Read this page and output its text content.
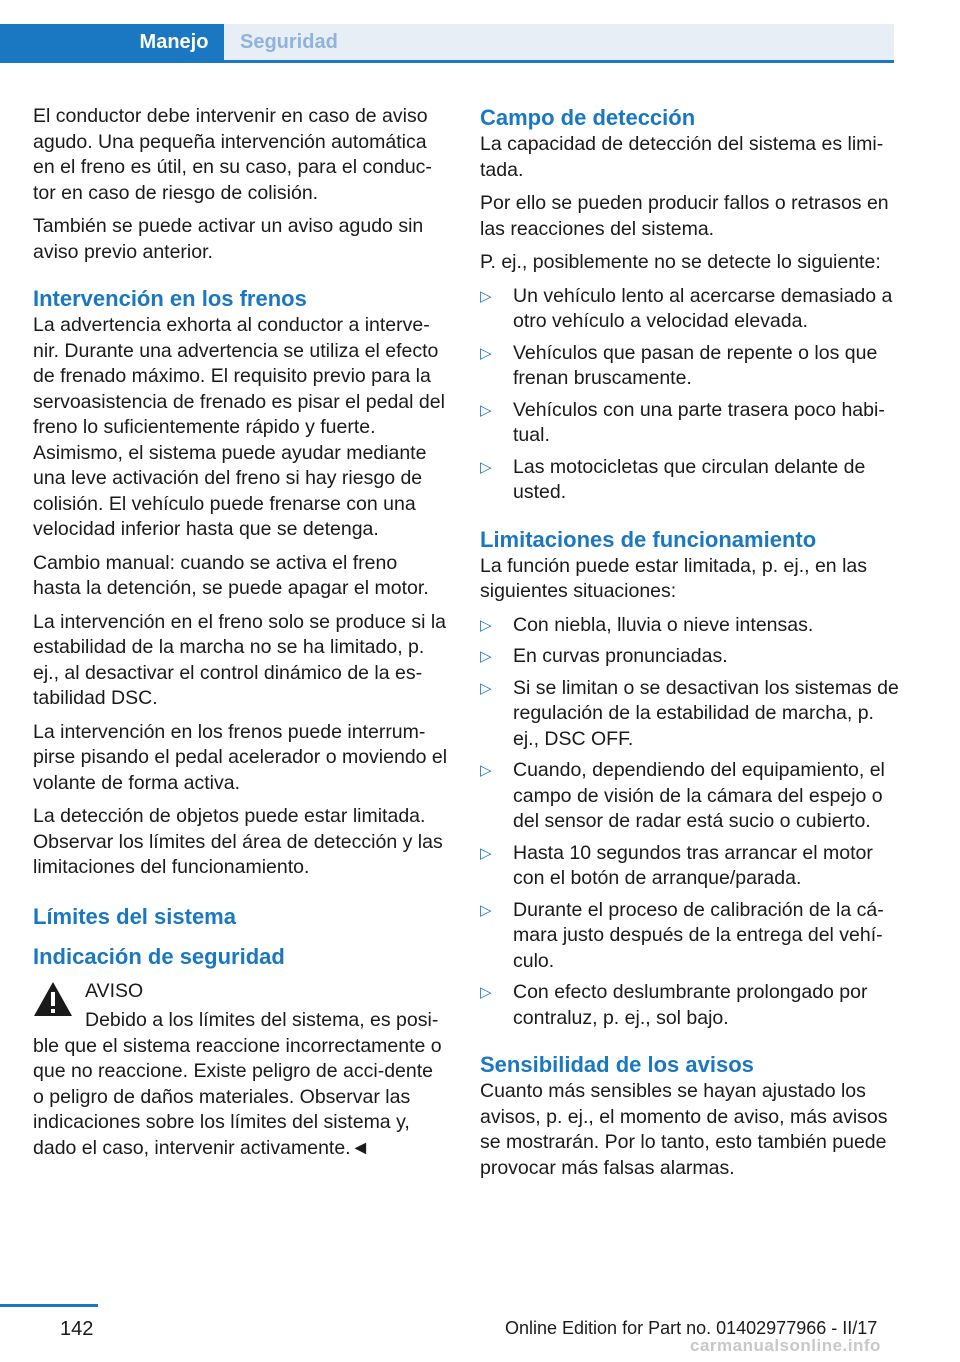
Manejo	Seguridad

El conductor debe intervenir en caso de aviso agudo. Una pequeña intervención automática en el freno es útil, en su caso, para el conduc‐tor en caso de riesgo de colisión.

También se puede activar un aviso agudo sin aviso previo anterior.

Intervención en los frenos

La advertencia exhorta al conductor a interve‐nir. Durante una advertencia se utiliza el efecto de frenado máximo. El requisito previo para la servoasistencia de frenado es pisar el pedal del freno lo suficientemente rápido y fuerte. Asimismo, el sistema puede ayudar mediante una leve activación del freno si hay riesgo de colisión. El vehículo puede frenarse con una velocidad inferior hasta que se detenga.

Cambio manual: cuando se activa el freno hasta la detención, se puede apagar el motor.

La intervención en el freno solo se produce si la estabilidad de la marcha no se ha limitado, p. ej., al desactivar el control dinámico de la es‐tabilidad DSC.

La intervención en los frenos puede interrum‐pirse pisando el pedal acelerador o moviendo el volante de forma activa.

La detección de objetos puede estar limitada. Observar los límites del área de detección y las limitaciones del funcionamiento.

Límites del sistema
Indicación de seguridad
AVISO
Debido a los límites del sistema, es posi‐ble que el sistema reaccione incorrectamente o que no reaccione. Existe peligro de acci‐dente o peligro de daños materiales. Observar las indicaciones sobre los límites del sistema y, dado el caso, intervenir activamente.◄
Campo de detección

La capacidad de detección del sistema es limi‐tada.

Por ello se pueden producir fallos o retrasos en las reacciones del sistema.

P. ej., posiblemente no se detecte lo siguiente:

▷ Un vehículo lento al acercarse demasiado a otro vehículo a velocidad elevada.
▷ Vehículos que pasan de repente o los que frenan bruscamente.
▷ Vehículos con una parte trasera poco habi‐tual.
▷ Las motocicletas que circulan delante de usted.
Limitaciones de funcionamiento

La función puede estar limitada, p. ej., en las siguientes situaciones:

▷ Con niebla, lluvia o nieve intensas.
▷ En curvas pronunciadas.
▷ Si se limitan o se desactivan los sistemas de regulación de la estabilidad de marcha, p. ej., DSC OFF.
▷ Cuando, dependiendo del equipamiento, el campo de visión de la cámara del espejo o del sensor de radar está sucio o cubierto.
▷ Hasta 10 segundos tras arrancar el motor con el botón de arranque/parada.
▷ Durante el proceso de calibración de la cá‐mara justo después de la entrega del vehí‐culo.
▷ Con efecto deslumbrante prolongado por contraluz, p. ej., sol bajo.
Sensibilidad de los avisos

Cuanto más sensibles se hayan ajustado los avisos, p. ej., el momento de aviso, más avisos se mostrarán. Por lo tanto, esto también puede provocar más falsas alarmas.

142	Online Edition for Part no. 01402977966 - II/17
carmanualsonline.info
